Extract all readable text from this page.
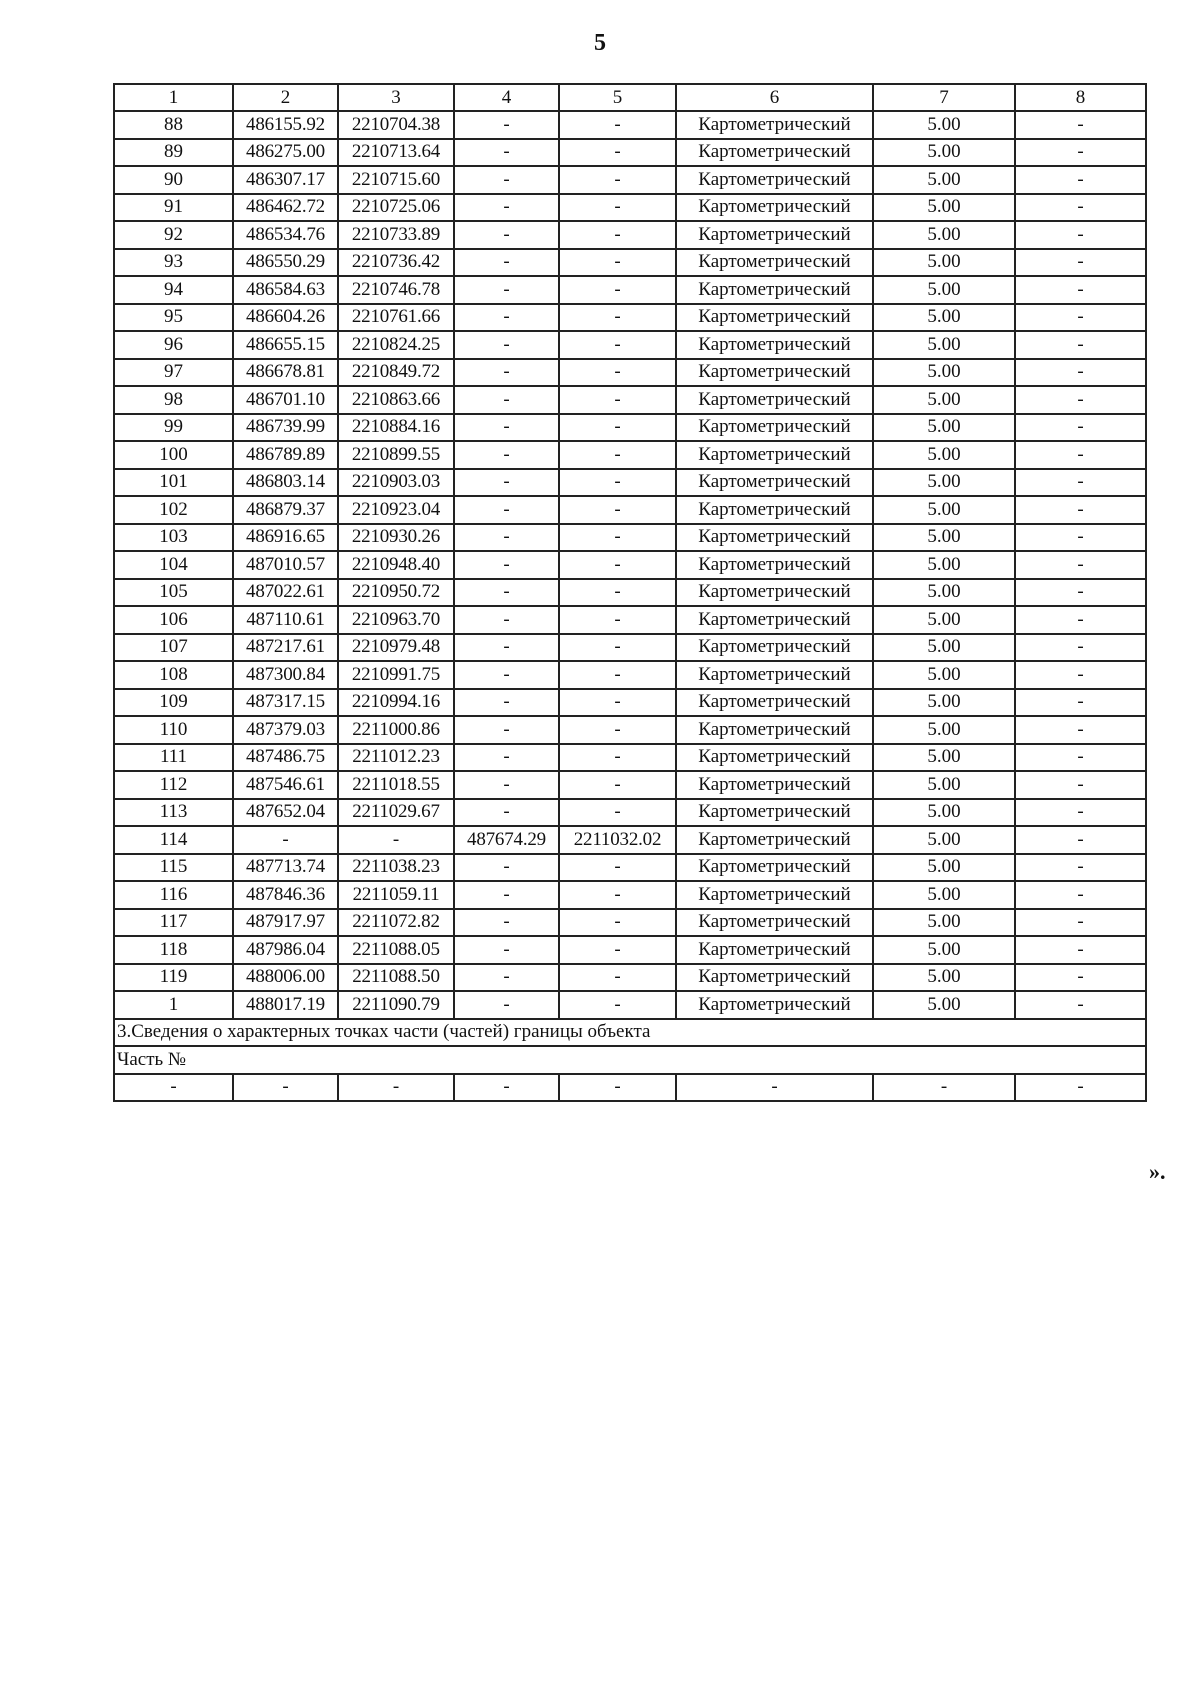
5
1	2	3	4	5	6	7	8
88	486155.92	2210704.38	-	-	Картометрический	5.00	-
89	486275.00	2210713.64	-	-	Картометрический	5.00	-
90	486307.17	2210715.60	-	-	Картометрический	5.00	-
91	486462.72	2210725.06	-	-	Картометрический	5.00	-
92	486534.76	2210733.89	-	-	Картометрический	5.00	-
93	486550.29	2210736.42	-	-	Картометрический	5.00	-
94	486584.63	2210746.78	-	-	Картометрический	5.00	-
95	486604.26	2210761.66	-	-	Картометрический	5.00	-
96	486655.15	2210824.25	-	-	Картометрический	5.00	-
97	486678.81	2210849.72	-	-	Картометрический	5.00	-
98	486701.10	2210863.66	-	-	Картометрический	5.00	-
99	486739.99	2210884.16	-	-	Картометрический	5.00	-
100	486789.89	2210899.55	-	-	Картометрический	5.00	-
101	486803.14	2210903.03	-	-	Картометрический	5.00	-
102	486879.37	2210923.04	-	-	Картометрический	5.00	-
103	486916.65	2210930.26	-	-	Картометрический	5.00	-
104	487010.57	2210948.40	-	-	Картометрический	5.00	-
105	487022.61	2210950.72	-	-	Картометрический	5.00	-
106	487110.61	2210963.70	-	-	Картометрический	5.00	-
107	487217.61	2210979.48	-	-	Картометрический	5.00	-
108	487300.84	2210991.75	-	-	Картометрический	5.00	-
109	487317.15	2210994.16	-	-	Картометрический	5.00	-
110	487379.03	2211000.86	-	-	Картометрический	5.00	-
111	487486.75	2211012.23	-	-	Картометрический	5.00	-
112	487546.61	2211018.55	-	-	Картометрический	5.00	-
113	487652.04	2211029.67	-	-	Картометрический	5.00	-
114	-	-	487674.29	2211032.02	Картометрический	5.00	-
115	487713.74	2211038.23	-	-	Картометрический	5.00	-
116	487846.36	2211059.11	-	-	Картометрический	5.00	-
117	487917.97	2211072.82	-	-	Картометрический	5.00	-
118	487986.04	2211088.05	-	-	Картометрический	5.00	-
119	488006.00	2211088.50	-	-	Картометрический	5.00	-
1	488017.19	2211090.79	-	-	Картометрический	5.00	-
3.Сведения о характерных точках части (частей) границы объекта							
Часть №							
-	-	-	-	-	-	-	-
».
